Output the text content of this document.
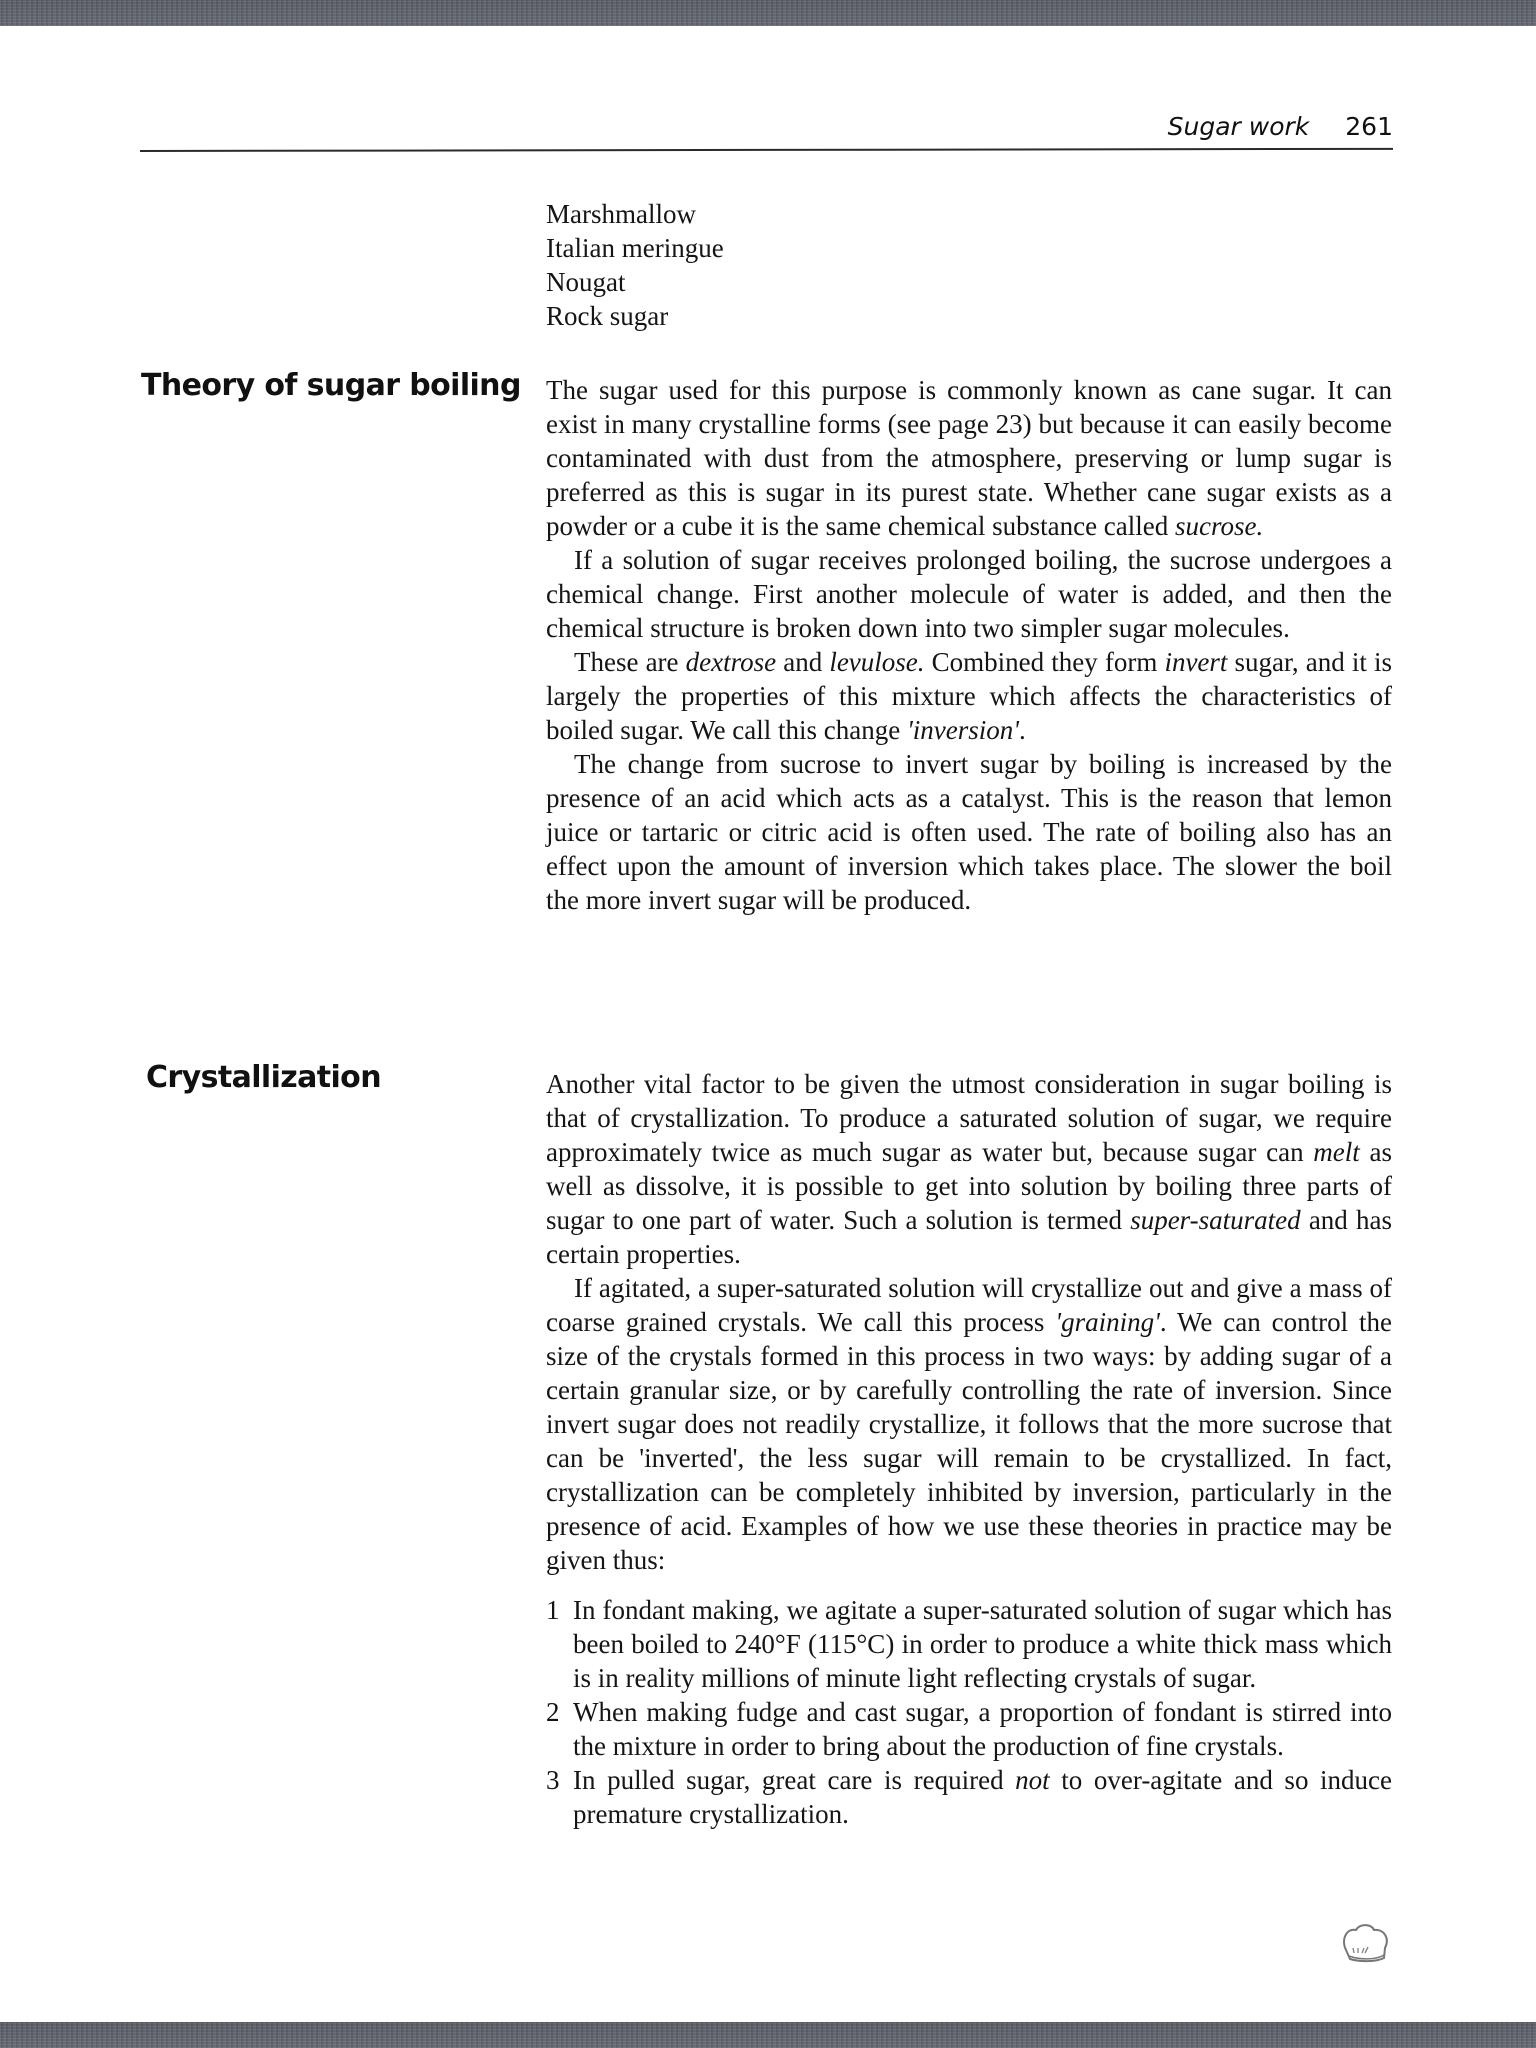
Sugar work 261
Marshmallow
Italian meringue
Nougat
Rock sugar
Theory of sugar boiling The sugar used for this purpose is commonly known as cane sugar. It can exist in many crystalline forms (see page 23) but because it can easily become contaminated with dust from the atmosphere, preserving or lump sugar is preferred as this is sugar in its purest state. Whether cane sugar exists as a powder or a cube it is the same chemical substance called sucrose.

If a solution of sugar receives prolonged boiling, the sucrose undergoes a chemical change. First another molecule of water is added, and then the chemical structure is broken down into two simpler sugar molecules.

These are dextrose and levulose. Combined they form invert sugar, and it is largely the properties of this mixture which affects the characteristics of boiled sugar. We call this change 'inversion'.

The change from sucrose to invert sugar by boiling is increased by the presence of an acid which acts as a catalyst. This is the reason that lemon juice or tartaric or citric acid is often used. The rate of boiling also has an effect upon the amount of inversion which takes place. The slower the boil the more invert sugar will be produced.

Crystallization	Another vital factor to be given the utmost consideration in sugar boiling is that of crystallization. To produce a saturated solution of sugar, we require approximately twice as much sugar as water but, because sugar can melt as well as dissolve, it is possible to get into solution by boiling three parts of sugar to one part of water. Such a solution is termed super-saturated and has certain properties.

If agitated, a super-saturated solution will crystallize out and give a mass of coarse grained crystals. We call this process 'graining'. We can control the size of the crystals formed in this process in two ways: by adding sugar of a certain granular size, or by carefully controlling the rate of inversion. Since invert sugar does not readily crystallize, it follows that the more sucrose that can be 'inverted', the less sugar will remain to be crystallized. In fact, crystallization can be completely inhibited by inversion, particularly in the presence of acid. Examples of how we use these theories in practice may be given thus:

1 In fondant making, we agitate a super-saturated solution of sugar which has been boiled to 240°F (115°C) in order to produce a white thick mass which is in reality millions of minute light reflecting crystals of sugar.
2 When making fudge and cast sugar, a proportion of fondant is stirred into the mixture in order to bring about the production of fine crystals.
3 In pulled sugar, great care is required not to over-agitate and so induce premature crystallization.
